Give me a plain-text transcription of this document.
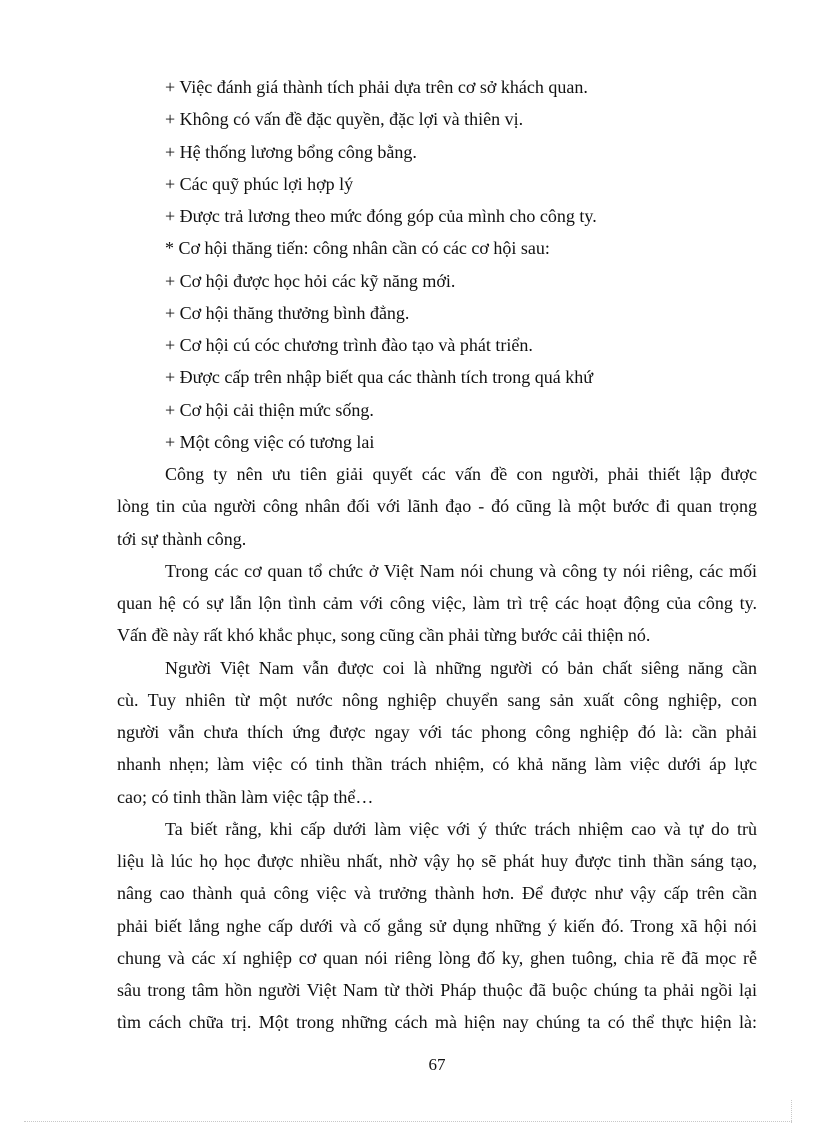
+ Việc đánh giá thành tích phải dựa trên cơ sở khách quan.
+ Không có vấn đề đặc quyền, đặc lợi và thiên vị.
+ Hệ thống lương bổng công bằng.
+ Các quỹ phúc lợi hợp lý
+ Được trả lương theo mức đóng góp của mình cho công ty.
* Cơ hội thăng tiến: công nhân cần có các cơ hội sau:
+ Cơ hội được học hỏi các kỹ năng mới.
+ Cơ hội thăng thưởng bình đẳng.
+ Cơ hội cú cóc chương trình đào tạo và phát triển.
+ Được cấp trên nhập biết qua các thành tích trong quá khứ
+ Cơ hội cải thiện mức sống.
+ Một công việc có tương lai
Công ty nên ưu tiên giải quyết các vấn đề con người, phải thiết lập được
lòng tin của người công nhân đối với lãnh đạo - đó cũng là một bước đi quan trọng
tới sự thành công.
Trong các cơ quan tổ chức ở Việt Nam nói chung và công ty nói riêng, các mối
quan hệ có sự lẫn lộn tình cảm với công việc, làm trì trệ các hoạt động của công ty.
Vấn đề này rất khó khắc phục, song cũng cần phải từng bước cải thiện nó.
Người Việt Nam vẫn được coi là những người có bản chất siêng năng cần
cù. Tuy nhiên từ một nước nông nghiệp chuyển sang sản xuất công nghiệp, con
người vẫn chưa thích ứng được ngay với tác phong công nghiệp đó là: cần phải
nhanh nhẹn; làm việc có tinh thần trách nhiệm, có khả năng làm việc dưới áp lực
cao; có tinh thần làm việc tập thể…
Ta biết rằng, khi cấp dưới làm việc với ý thức trách nhiệm cao và tự do trù
liệu là lúc họ học được nhiều nhất, nhờ vậy họ sẽ phát huy được tinh thần sáng tạo,
nâng cao thành quả công việc và trưởng thành hơn. Để được như vậy cấp trên cần
phải biết lắng nghe cấp dưới và cố gắng sử dụng những ý kiến đó. Trong xã hội nói
chung và các xí nghiệp cơ quan nói riêng lòng đố ky, ghen tuông, chia rẽ đã mọc rễ
sâu trong tâm hồn người Việt Nam từ thời Pháp thuộc đã buộc chúng ta phải ngồi lại
tìm cách chữa trị. Một trong những cách mà hiện nay chúng ta có thể thực hiện là:
67
